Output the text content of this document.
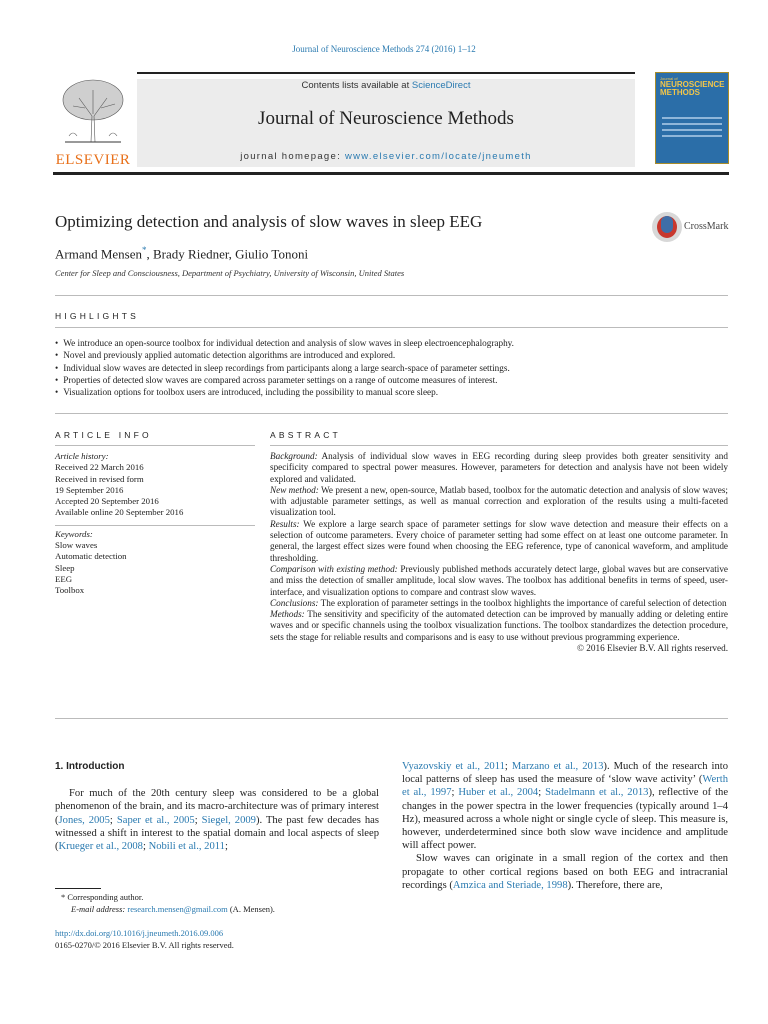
Journal of Neuroscience Methods 274 (2016) 1–12
ELSEVIER
Contents lists available at ScienceDirect
Journal of Neuroscience Methods
journal homepage: www.elsevier.com/locate/jneumeth
Journal of
NEUROSCIENCE
METHODS
Optimizing detection and analysis of slow waves in sleep EEG	CrossMark
Armand Mensen*, Brady Riedner, Giulio Tononi
Center for Sleep and Consciousness, Department of Psychiatry, University of Wisconsin, United States
HIGHLIGHTS
• We introduce an open-source toolbox for individual detection and analysis of slow waves in sleep electroencephalography.
• Novel and previously applied automatic detection algorithms are introduced and explored.
• Individual slow waves are detected in sleep recordings from participants along a large search-space of parameter settings.
• Properties of detected slow waves are compared across parameter settings on a range of outcome measures of interest.
• Visualization options for toolbox users are introduced, including the possibility to manual score sleep.
ARTICLE INFO	ABSTRACT
Article history:
Received 22 March 2016
Received in revised form
19 September 2016
Accepted 20 September 2016
Available online 20 September 2016
Keywords:
Slow waves
Automatic detection
Sleep
EEG
Toolbox

Background: Analysis of individual slow waves in EEG recording during sleep provides both greater sensitivity and specificity compared to spectral power measures. However, parameters for detection and analysis have not been widely explored and validated.

New method: We present a new, open-source, Matlab based, toolbox for the automatic detection and analysis of slow waves; with adjustable parameter settings, as well as manual correction and exploration of the results using a multi-faceted visualization tool.

Results: We explore a large search space of parameter settings for slow wave detection and measure their effects on a selection of outcome parameters. Every choice of parameter setting had some effect on at least one outcome parameter. In general, the largest effect sizes were found when choosing the EEG reference, type of canonical waveform, and amplitude thresholding.

Comparison with existing method: Previously published methods accurately detect large, global waves but are conservative and miss the detection of smaller amplitude, local slow waves. The toolbox has additional benefits in terms of speed, user-interface, and visualization options to compare and contrast slow waves.

Conclusions: The exploration of parameter settings in the toolbox highlights the importance of careful selection of detection

Methods: The sensitivity and specificity of the automated detection can be improved by manually adding or deleting entire waves and or specific channels using the toolbox visualization functions. The toolbox standardizes the detection procedure, sets the stage for reliable results and comparisons and is easy to use without previous programming experience.

© 2016 Elsevier B.V. All rights reserved.

1. Introduction

For much of the 20th century sleep was considered to be a global phenomenon of the brain, and its macro-architecture was of primary interest (Jones, 2005; Saper et al., 2005; Siegel, 2009). The past few decades has witnessed a shift in interest to the spatial domain and local aspects of sleep (Krueger et al., 2008; Nobili et al., 2011;

Vyazovskiy et al., 2011; Marzano et al., 2013). Much of the research into local patterns of sleep has used the measure of ‘slow wave activity’ (Werth et al., 1997; Huber et al., 2004; Stadelmann et al., 2013), reflective of the changes in the power spectra in the lower frequencies (typically around 1–4 Hz), measured across a whole night or single cycle of sleep. This measure is, however, underdetermined since both slow wave incidence and amplitude will affect power.

Slow waves can originate in a small region of the cortex and then propagate to other cortical regions based on both EEG and intracranial recordings (Amzica and Steriade, 1998). Therefore, there are,

* Corresponding author.
E-mail address: research.mensen@gmail.com (A. Mensen).
http://dx.doi.org/10.1016/j.jneumeth.2016.09.006
0165-0270/© 2016 Elsevier B.V. All rights reserved.
